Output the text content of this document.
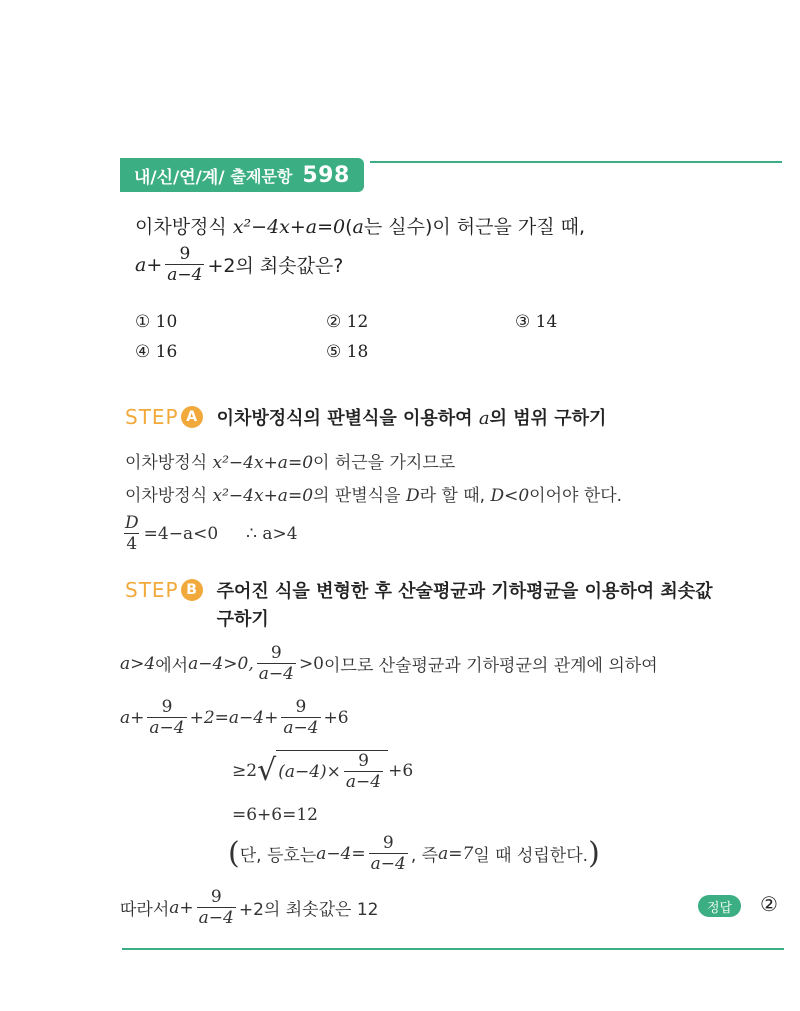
내/신/연/계/ 출제문항 598
이차방정식 x²−4x+a=0(a는 실수)이 허근을 가질 때,
$a+ \frac{9}{a-4} +2$의 최솟값은?
① 10	② 12	③ 14
④ 16	⑤ 18
STEP A	이차방정식의 판별식을 이용하여 a의 범위 구하기
이차방정식 x²−4x+a=0이 허근을 가지므로
이차방정식 x²−4x+a=0의 판별식을 D라 할 때, D<0이어야 한다.
$\frac{D}{4} =4-a<0$ ∴ a>4
STEP B	주어진 식을 변형한 후 산술평균과 기하평균을 이용하여 최솟값
구하기
a>4 에서 a−4>0, $\frac{9}{a-4} >0$ 이므로 산술평균과 기하평균의 관계에 의하여
$a+ \frac{9}{a-4} +2=a-4+ \frac{9}{a-4} +6$
≥2 √ $(a-4)\times \frac{9}{a-4} +6$
=6+6=12
( 단, 등호는 $a-4= \frac{9}{a-4}$ , 즉 a=7 일 때 성립한다. )
따라서 $a+ \frac{9}{a-4} +2$의 최솟값은 12	정답	②
